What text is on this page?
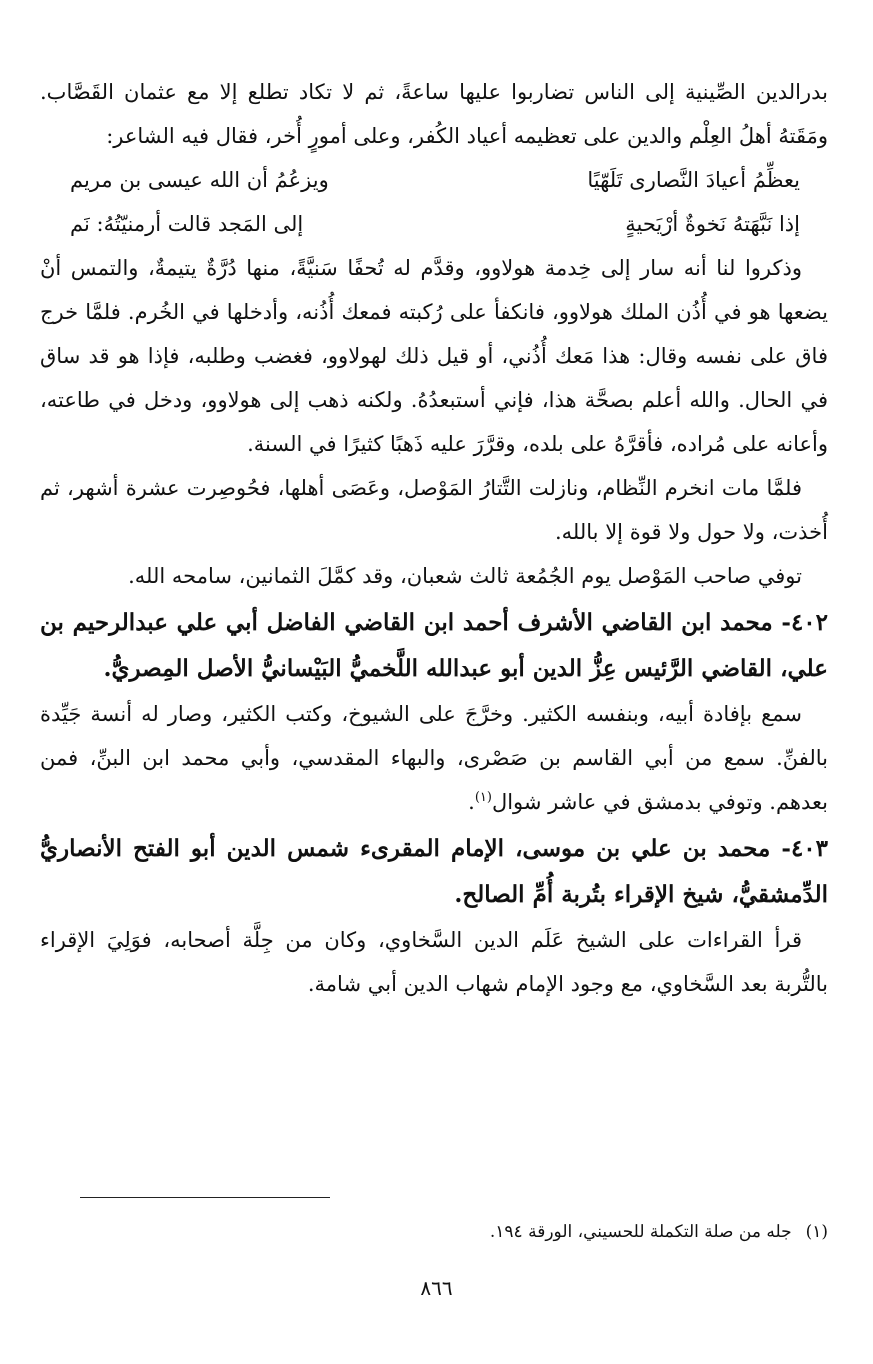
بدرالدين الصِّينية إلى الناس تضاربوا عليها ساعةً، ثم لا تكاد تطلع إلا مع عثمان القَصَّاب. ومَقَتهُ أهلُ العِلْم والدين على تعظيمه أعياد الكُفر، وعلى أمورٍ أُخر، فقال فيه الشاعر:

يعظِّمُ أعيادَ النَّصارى تَلَهّيًا
ويزعُمُ أن الله عيسى بن مريم
إذا نَبَّهَتهُ نَخوةٌ أرْيَحيةٍ
إلى المَجد قالت أرمنيّتُهُ: نَم

وذكروا لنا أنه سار إلى خِدمة هولاوو، وقدَّم له تُحفًا سَنيَّةً، منها دُرَّةٌ يتيمةٌ، والتمس أنْ يضعها هو في أُذُن الملك هولاوو، فانكفأ على رُكبته فمعك أُذُنه، وأدخلها في الخُرم. فلمَّا خرج فاق على نفسه وقال: هذا مَعك أُذُني، أو قيل ذلك لهولاوو، فغضب وطلبه، فإذا هو قد ساق في الحال. والله أعلم بصحَّة هذا، فإني أستبعدُهُ. ولكنه ذهب إلى هولاوو، ودخل في طاعته، وأعانه على مُراده، فأقرَّهُ على بلده، وقرَّرَ عليه ذَهبًا كثيرًا في السنة.

فلمَّا مات انخرم النِّظام، ونازلت التَّتارُ المَوْصل، وعَصَى أهلها، فحُوصِرت عشرة أشهر، ثم أُخذت، ولا حول ولا قوة إلا بالله.

توفي صاحب المَوْصل يوم الجُمُعة ثالث شعبان، وقد كمَّلَ الثمانين، سامحه الله.

٤٠٢- محمد ابن القاضي الأشرف أحمد ابن القاضي الفاضل أبي علي عبدالرحيم بن علي، القاضي الرَّئيس عِزُّ الدين أبو عبدالله اللَّخميُّ البَيْسانيُّ الأصل المِصريُّ.

سمع بإفادة أبيه، وبنفسه الكثير. وخرَّجَ على الشيوخ، وكتب الكثير، وصار له أنسة جَيِّدة بالفنِّ. سمع من أبي القاسم بن صَصْرى، والبهاء المقدسي، وأبي محمد ابن البنِّ، فمن بعدهم. وتوفي بدمشق في عاشر شوال$^{(١)}$.

٤٠٣- محمد بن علي بن موسى، الإمام المقرىء شمس الدين أبو الفتح الأنصاريُّ الدِّمشقيُّ، شيخ الإقراء بتُربة أُمِّ الصالح.

قرأ القراءات على الشيخ عَلَم الدين السَّخاوي، وكان من جِلَّة أصحابه، فوَلِيَ الإقراء بالتُّربة بعد السَّخاوي، مع وجود الإمام شهاب الدين أبي شامة.

(١)جله من صلة التكملة للحسيني، الورقة ١٩٤.
٨٦٦
